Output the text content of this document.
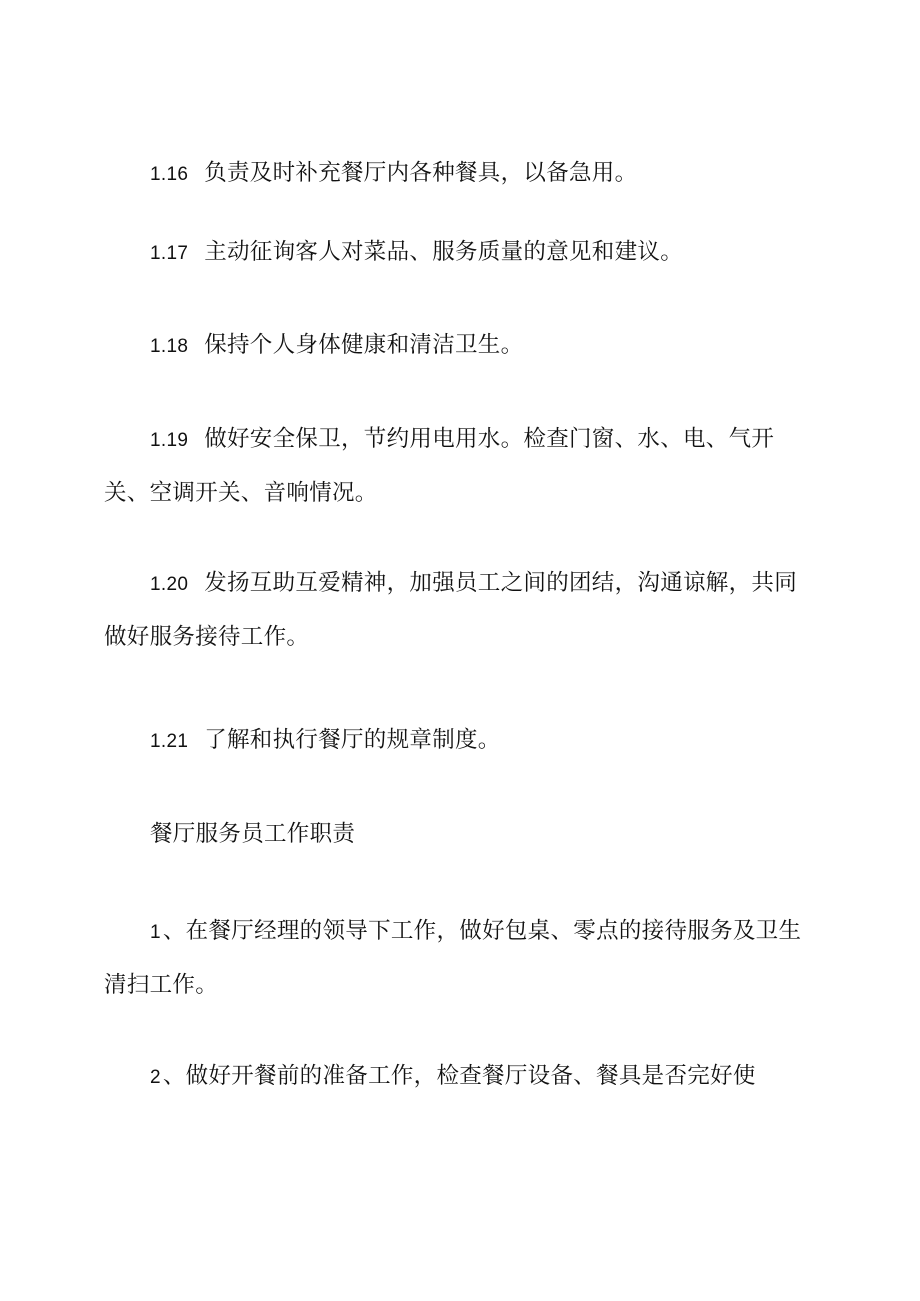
1.16 负责及时补充餐厅内各种餐具，以备急用。

1.17 主动征询客人对菜品、服务质量的意见和建议。

1.18 保持个人身体健康和清洁卫生。

1.19 做好安全保卫，节约用电用水。检查门窗、水、电、气开关、空调开关、音响情况。

1.20 发扬互助互爱精神，加强员工之间的团结，沟通谅解，共同做好服务接待工作。

1.21 了解和执行餐厅的规章制度。

餐厅服务员工作职责

1、在餐厅经理的领导下工作，做好包桌、零点的接待服务及卫生清扫工作。

2、做好开餐前的准备工作，检查餐厅设备、餐具是否完好使
